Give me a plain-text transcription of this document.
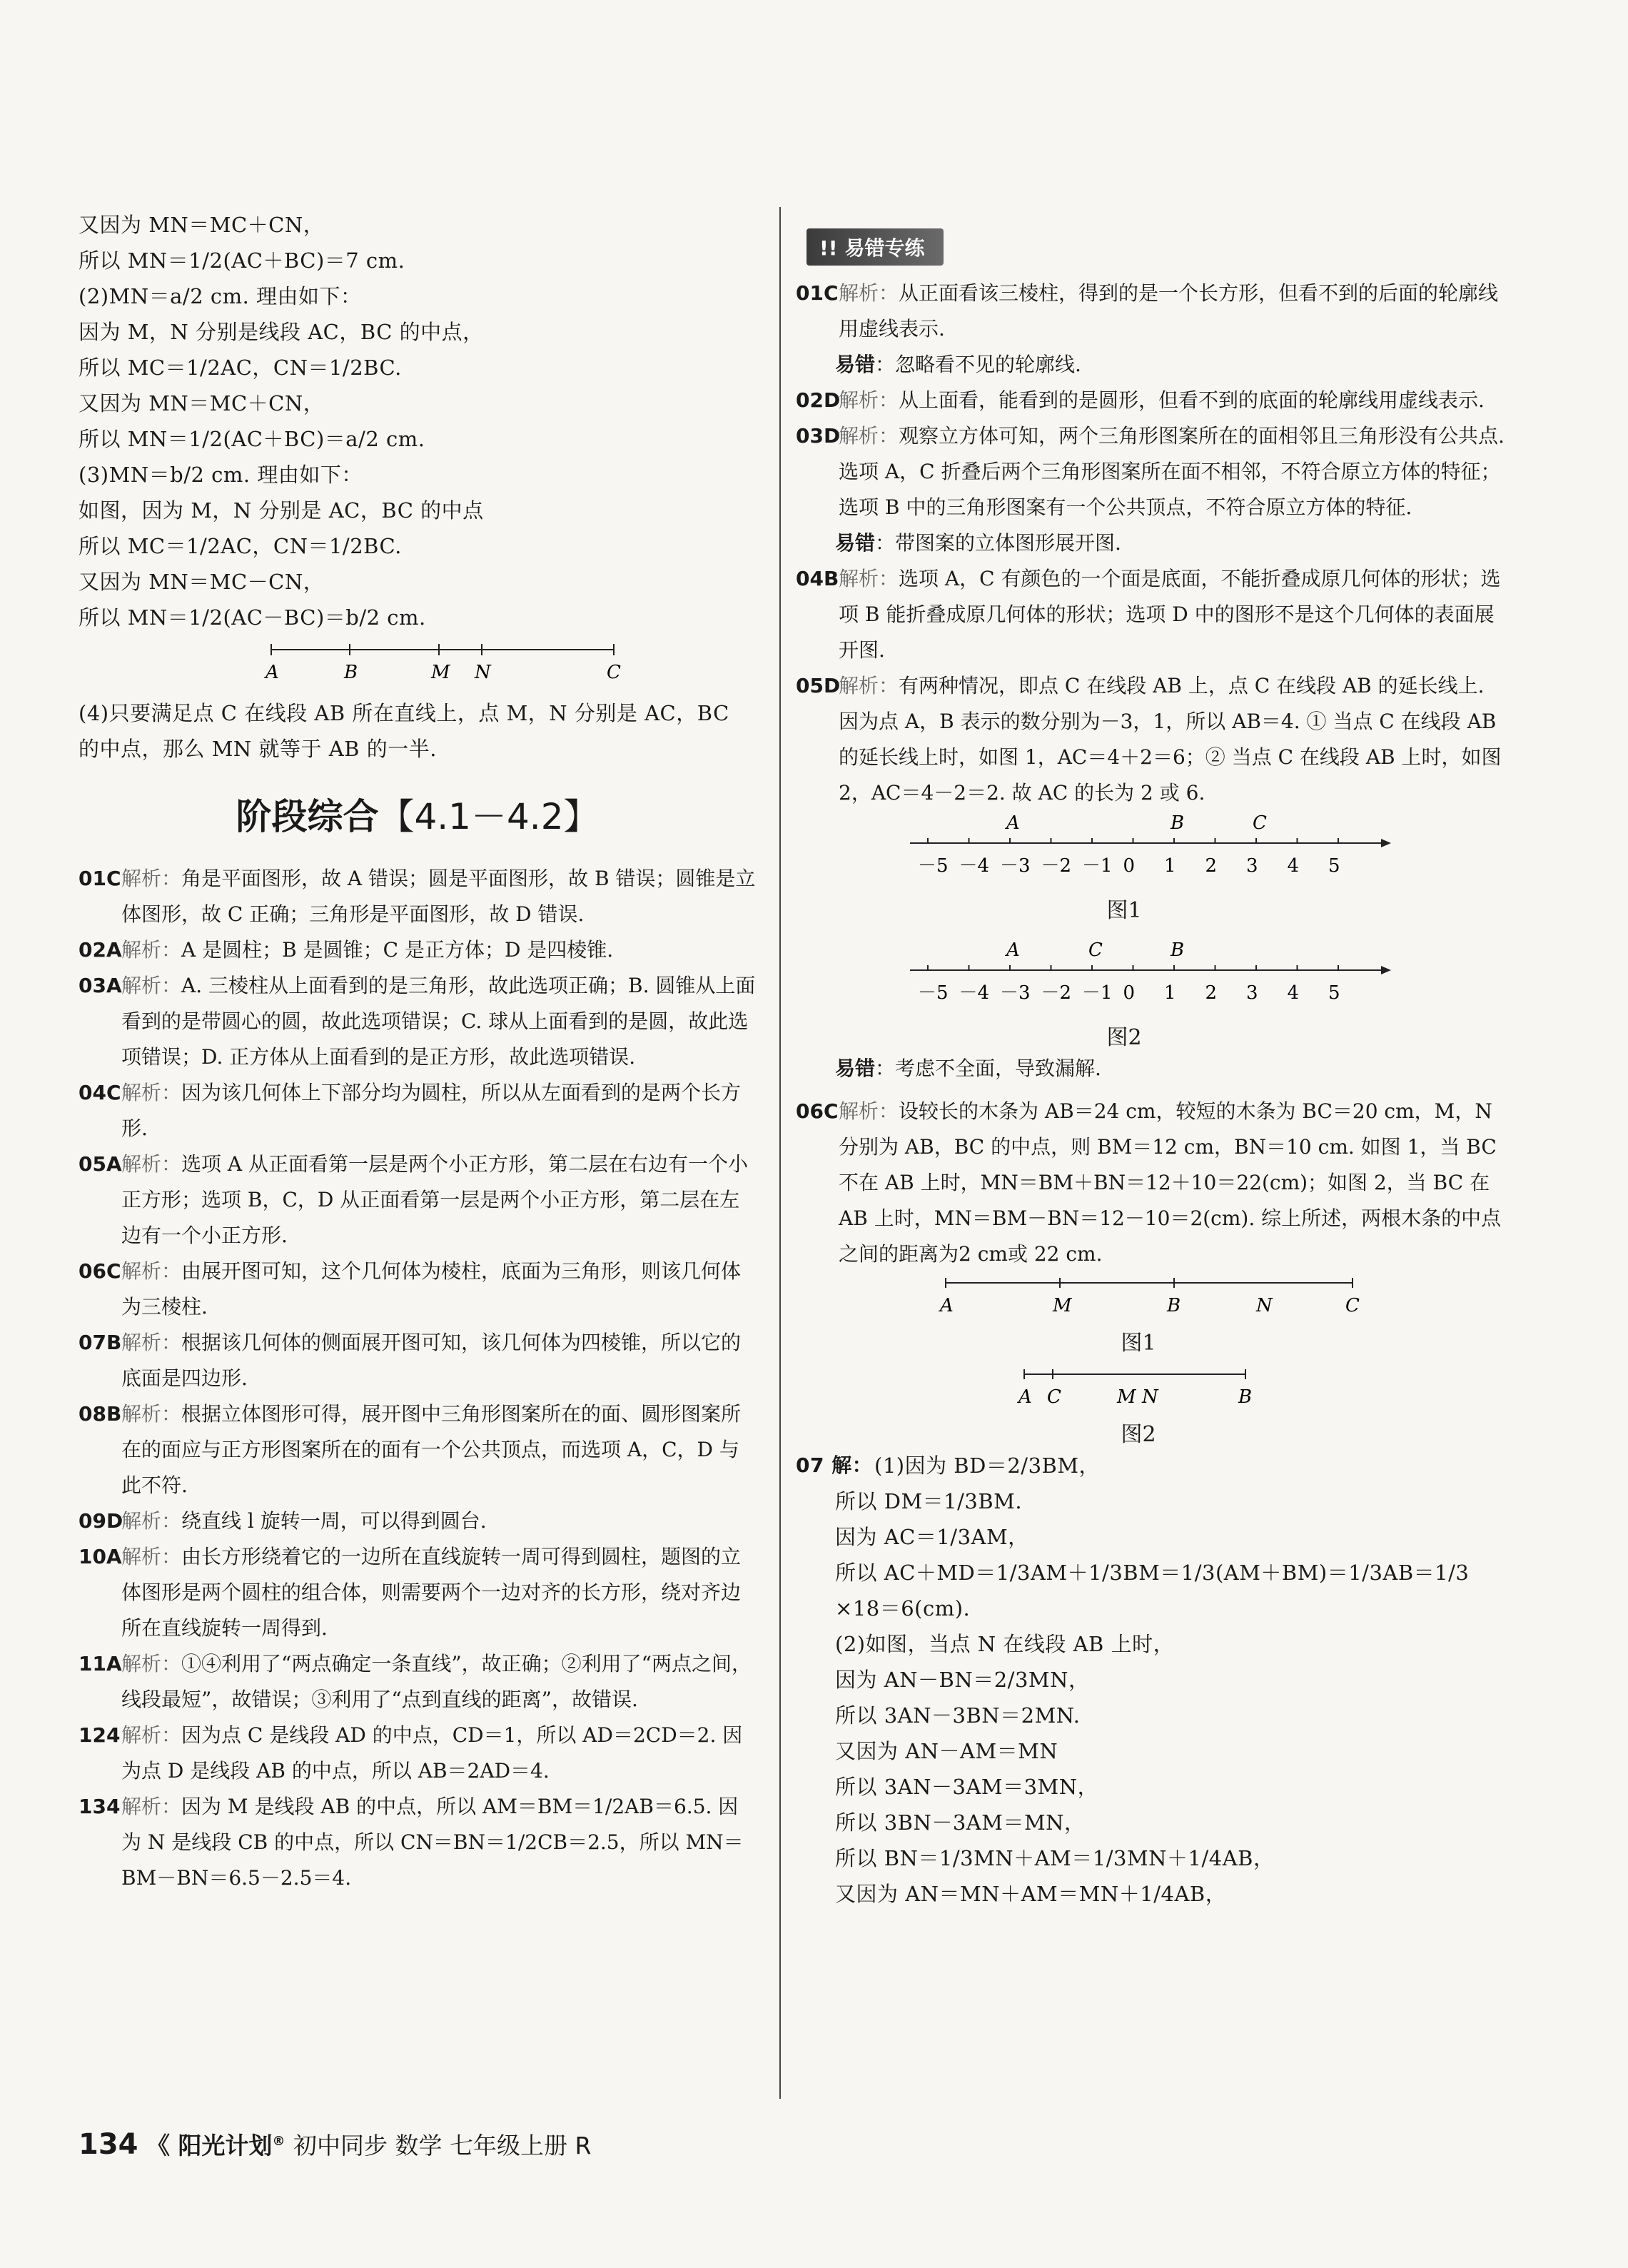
又因为 MN＝MC＋CN，
所以 MN＝1/2(AC＋BC)＝7 cm.
(2)MN＝a/2 cm. 理由如下：
因为 M，N 分别是线段 AC，BC 的中点，
所以 MC＝1/2AC，CN＝1/2BC.
又因为 MN＝MC＋CN，
所以 MN＝1/2(AC＋BC)＝a/2 cm.
(3)MN＝b/2 cm. 理由如下：
如图，因为 M，N 分别是 AC，BC 的中点
所以 MC＝1/2AC，CN＝1/2BC.
又因为 MN＝MC－CN，
所以 MN＝1/2(AC－BC)＝b/2 cm.
A	B	M N	C
(4)只要满足点 C 在线段 AB 所在直线上，点 M，N 分别是 AC，BC 的中点，那么 MN 就等于 AB 的一半.
阶段综合【4.1－4.2】
01C 解析：角是平面图形，故 A 错误；圆是平面图形，故 B 错误；圆锥是立体图形，故 C 正确；三角形是平面图形，故 D 错误.
02A 解析：A 是圆柱；B 是圆锥；C 是正方体；D 是四棱锥.
03A 解析：A. 三棱柱从上面看到的是三角形，故此选项正确；B. 圆锥从上面看到的是带圆心的圆，故此选项错误；C. 球从上面看到的是圆，故此选项错误；D. 正方体从上面看到的是正方形，故此选项错误.
04C 解析：因为该几何体上下部分均为圆柱，所以从左面看到的是两个长方形.
05A 解析：选项 A 从正面看第一层是两个小正方形，第二层在右边有一个小正方形；选项 B，C，D 从正面看第一层是两个小正方形，第二层在左边有一个小正方形.
06C 解析：由展开图可知，这个几何体为棱柱，底面为三角形，则该几何体为三棱柱.
07B 解析：根据该几何体的侧面展开图可知，该几何体为四棱锥，所以它的底面是四边形.
08B 解析：根据立体图形可得，展开图中三角形图案所在的面、圆形图案所在的面应与正方形图案所在的面有一个公共顶点，而选项 A，C，D 与此不符.
09D
解析：绕直线 l 旋转一周，可以得到圆台.
10A 解析：由长方形绕着它的一边所在直线旋转一周可得到圆柱，题图的立体图形是两个圆柱的组合体，则需要两个一边对齐的长方形，绕对齐边所在直线旋转一周得到.
11A 解析：①④利用了“两点确定一条直线”，故正确；②利用了“两点之间，线段最短”，故错误；③利用了“点到直线的距离”，故错误.
124 解析：因为点 C 是线段 AD 的中点，CD＝1，所以 AD＝2CD＝2. 因为点 D 是线段 AB 的中点，所以 AB＝2AD＝4.
134 解析：因为 M 是线段 AB 的中点，所以 AM＝BM＝1/2AB＝6.5. 因为 N 是线段 CB 的中点，所以 CN＝BN＝1/2CB＝2.5，所以 MN＝BM－BN＝6.5－2.5＝4.
!! 易错专练
01C 解析：从正面看该三棱柱，得到的是一个长方形，但看不到的后面的轮廓线用虚线表示.
易错：忽略看不见的轮廓线.
02D
解析：从上面看，能看到的是圆形，但看不到的底面的轮廓线用虚线表示.
03D
解析：观察立方体可知，两个三角形图案所在的面相邻且三角形没有公共点. 选项 A，C 折叠后两个三角形图案所在面不相邻，不符合原立方体的特征；选项 B 中的三角形图案有一个公共顶点，不符合原立方体的特征.
易错：带图案的立体图形展开图.
04B 解析：选项 A，C 有颜色的一个面是底面，不能折叠成原几何体的形状；选项 B 能折叠成原几何体的形状；选项 D 中的图形不是这个几何体的表面展开图.
05D
解析：有两种情况，即点 C 在线段 AB 上，点 C 在线段 AB 的延长线上. 因为点 A，B 表示的数分别为－3，1，所以 AB＝4. ① 当点 C 在线段 AB 的延长线上时，如图 1，AC＝4＋2＝6；② 当点 C 在线段 AB 上时，如图 2，AC＝4－2＝2. 故 AC 的长为 2 或 6.
－5 －4 －3 －2 －1 0 1 2 3 4 5
A	B	C
图1
－5 －4 －3 －2 －1 0 1 2 3 4 5
A	C	B
图2
易错：考虑不全面，导致漏解.
06C 解析：设较长的木条为 AB＝24 cm，较短的木条为 BC＝20 cm，M，N 分别为 AB，BC 的中点，则 BM＝12 cm，BN＝10 cm. 如图 1，当 BC 不在 AB 上时，MN＝BM＋BN＝12＋10＝22(cm)；如图 2，当 BC 在 AB 上时，MN＝BM－BN＝12－10＝2(cm). 综上所述，两根木条的中点之间的距离为2 cm或 22 cm.
A	M	B	N	C
图1
A C	M N	B
图2
07 解： (1)因为 BD＝2/3BM，
所以 DM＝1/3BM.
因为 AC＝1/3AM，
所以 AC＋MD＝1/3AM＋1/3BM＝1/3(AM＋BM)＝1/3AB＝1/3
×18＝6(cm).
(2)如图，当点 N 在线段 AB 上时，
因为 AN－BN＝2/3MN，
所以 3AN－3BN＝2MN.
又因为 AN－AM＝MN
所以 3AN－3AM＝3MN，
所以 3BN－3AM＝MN，
所以 BN＝1/3MN＋AM＝1/3MN＋1/4AB，
又因为 AN＝MN＋AM＝MN＋1/4AB，
134 《 阳光计划® 初中同步 数学 七年级上册 R
